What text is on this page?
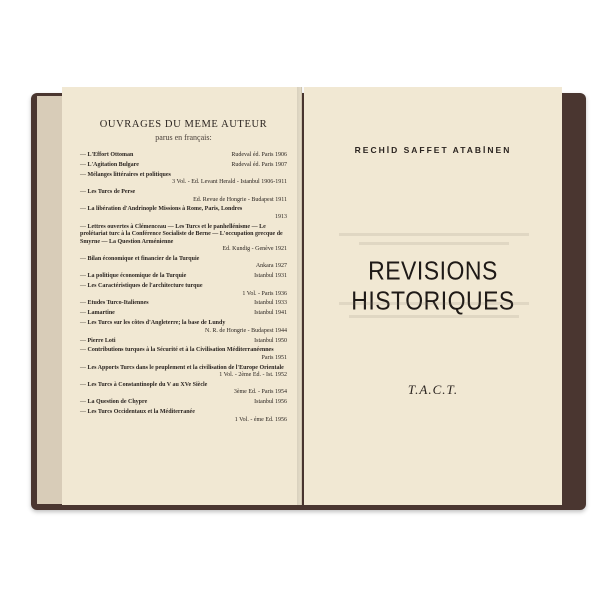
OUVRAGES DU MEME AUTEUR

parus en français:

— L'Effort Ottoman	Rudeval éd. Paris 1906
— L'Agitation Bulgare	Rudeval éd. Paris 1907
— Mélanges littéraires et politiques
3 Vol. - Ed. Levant Herald - Istanbul 1906-1911
— Les Turcs de Perse
Ed. Revue de Hongrie - Budapest 1911
— La libération d'Andrinople Missions à Rome, Paris, Londres
1913
— Lettres ouvertes à Clémenceau — Les Turcs et le panhellénisme — Le prolétariat turc à la Conférence Socialiste de Berne — L'occupation grecque de Smyrne — La Question Arménienne
Ed. Kundig - Genève 1921
— Bilan économique et financier de la Turquie
Ankara 1927
— La politique économique de la Turquie	Istanbul 1931
— Les Caractéristiques de l'architecture turque
1 Vol. - Paris 1936
— Etudes Turco-Italiennes	Istanbul 1933
— Lamartine	Istanbul 1941
— Les Turcs sur les côtes d'Angleterre; la base de Lundy
N. R. de Hongrie - Budapest 1944
— Pierre Loti	Istanbul 1950
— Contributions turques à la Sécurité et à la Civilisation Méditerranéennes
Paris 1951
— Les Apports Turcs dans le peuplement et la civilisation de l'Europe Orientale
1 Vol. - 2ème Ed. - Ist. 1952
— Les Turcs à Constantinople du V au XVe Siècle
3ème Ed. - Paris 1954
— La Question de Chypre	Istanbul 1956
— Les Turcs Occidentaux et la Méditerranée
1 Vol. - éme Ed. 1956
RECHİD SAFFET ATABİNEN
REVISIONS HISTORIQUES
T.A.C.T.
